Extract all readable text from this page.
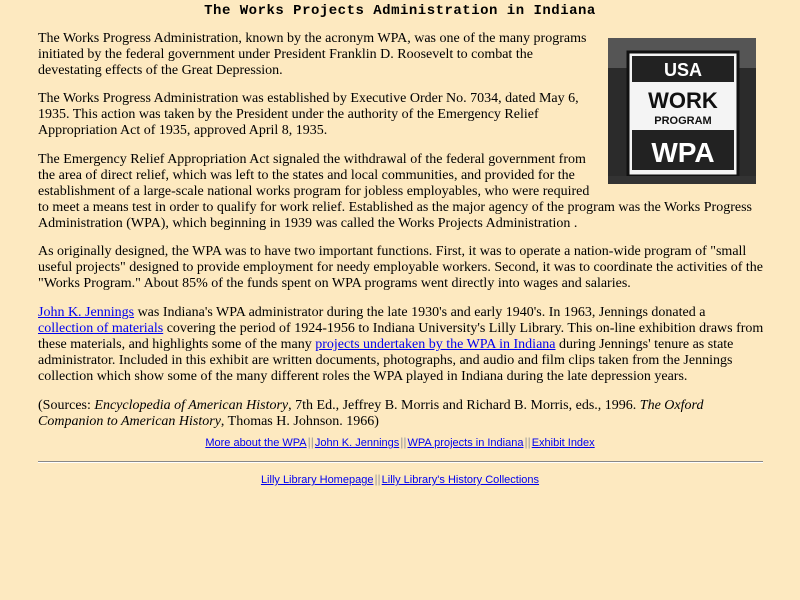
The Works Projects Administration in Indiana
USA
WORK
PROGRAM
WPA

The Works Progress Administration, known by the acronym WPA, was one of the many programs initiated by the federal government under President Franklin D. Roosevelt to combat the devestating effects of the Great Depression.

The Works Progress Administration was established by Executive Order No. 7034, dated May 6, 1935. This action was taken by the President under the authority of the Emergency Relief Appropriation Act of 1935, approved April 8, 1935.

The Emergency Relief Appropriation Act signaled the withdrawal of the federal government from the area of direct relief, which was left to the states and local communities, and provided for the establishment of a large-scale national works program for jobless employables, who were required to meet a means test in order to qualify for work relief. Established as the major agency of the program was the Works Progress Administration (WPA), which beginning in 1939 was called the Works Projects Administration .

As originally designed, the WPA was to have two important functions. First, it was to operate a nation-wide program of "small useful projects" designed to provide employment for needy employable workers. Second, it was to coordinate the activities of the "Works Program." About 85% of the funds spent on WPA programs went directly into wages and salaries.

John K. Jennings was Indiana's WPA administrator during the late 1930's and early 1940's. In 1963, Jennings donated a collection of materials covering the period of 1924-1956 to Indiana University's Lilly Library. This on-line exhibition draws from these materials, and highlights some of the many projects undertaken by the WPA in Indiana during Jennings' tenure as state administrator. Included in this exhibit are written documents, photographs, and audio and film clips taken from the Jennings collection which show some of the many different roles the WPA played in Indiana during the late depression years.

(Sources: Encyclopedia of American History, 7th Ed., Jeffrey B. Morris and Richard B. Morris, eds., 1996. The Oxford Companion to American History, Thomas H. Johnson. 1966)

More about the WPA||John K. Jennings||WPA projects in Indiana||Exhibit Index
Lilly Library Homepage||Lilly Library's History Collections
